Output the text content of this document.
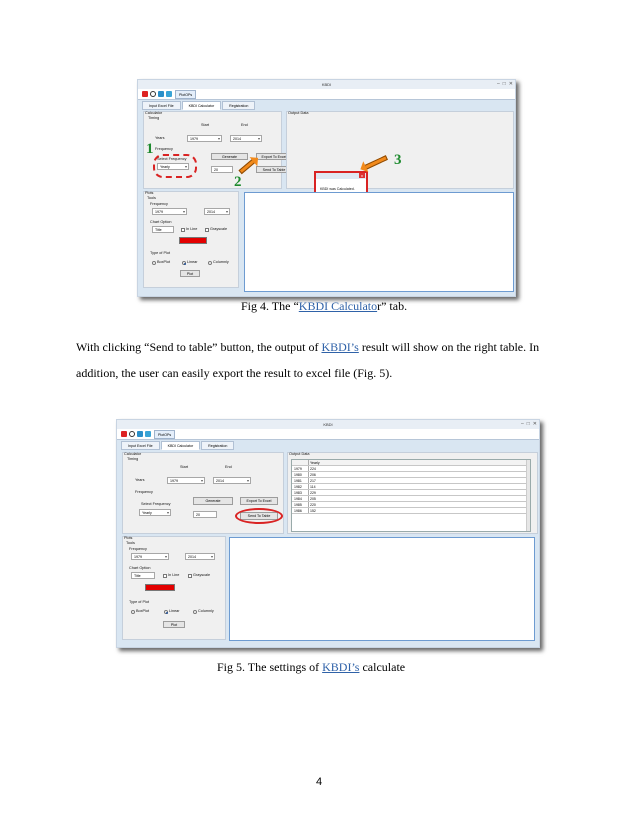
KBDI	– □ ✕
PlotOPs
Input Excel File	KBDI Calculator	Registration
Calculator
Timing
Start	End
Years	1979 ▾	2014 ▾
Frequency
Select Frequency
Yearly ▾
20
Generate	Export To Excel
Send To Table
Output Data
x
KBDI was Calculated.
Plots
Tools
Frequency
1979 ▾	2014 ▾
Chart Option
Title	In Line	Grayscale
Type of Plot
BoxPlot	Linear	Columnly
Plot
1
2
3
Fig 4. The “KBDI Calculator” tab.
With clicking “Send to table” button, the output of KBDI’s result will show on the right table. In addition, the user can easily export the result to excel file (Fig. 5).
KBDI	– □ ✕
PlotOPs
Input Excel File	KBDI Calculator	Registration
Calculator
Timing
Start	End
Years	1979 ▾	2014 ▾
Frequency
Select Frequency
Yearly ▾	20
Generate	Export To Excel
Send To Table
Output Data
Yearly
1979 224
1980 206
1981 217
1982 114
1983 229
1984 205
1985 220
1986 152
Plots
Tools
Frequency
1979 ▾	2014 ▾
Chart Option
Title	In Line	Grayscale
Type of Plot
BoxPlot	Linear	Columnly
Plot
Fig 5. The settings of KBDI’s calculate
4
